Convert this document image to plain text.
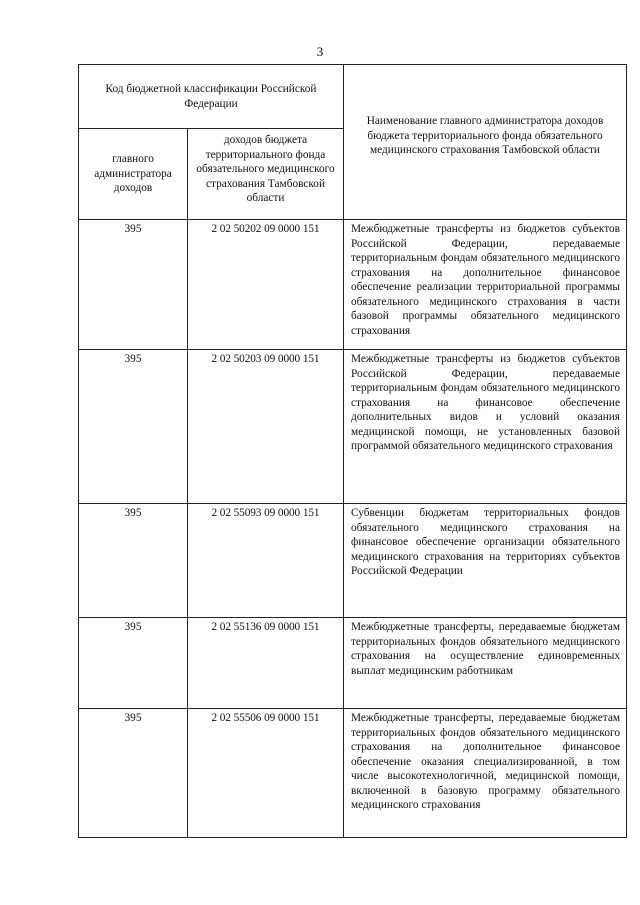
3
Код бюджетной классификации Российской Федерации		Наименование главного администратора доходов бюджета территориального фонда обязательного медицинского страхования Тамбовской области
главного администратора доходов	доходов бюджета территориального фонда обязательного медицинского страхования Тамбовской области	
395	2 02 50202 09 0000 151	Межбюджетные трансферты из бюджетов субъектов Российской Федерации, передаваемые территориальным фондам обязательного медицинского страхования на дополнительное финансовое обеспечение реализации территориальной программы обязательного медицинского страхования в части базовой программы обязательного медицинского страхования
395	2 02 50203 09 0000 151	Межбюджетные трансферты из бюджетов субъектов Российской Федерации, передаваемые территориальным фондам обязательного медицинского страхования на финансовое обеспечение дополнительных видов и условий оказания медицинской помощи, не установленных базовой программой обязательного медицинского страхования
395	2 02 55093 09 0000 151	Субвенции бюджетам территориальных фондов обязательного медицинского страхования на финансовое обеспечение организации обязательного медицинского страхования на территориях субъектов Российской Федерации
395	2 02 55136 09 0000 151	Межбюджетные трансферты, передаваемые бюджетам территориальных фондов обязательного медицинского страхования на осуществление единовременных выплат медицинским работникам
395	2 02 55506 09 0000 151	Межбюджетные трансферты, передаваемые бюджетам территориальных фондов обязательного медицинского страхования на дополнительное финансовое обеспечение оказания специализированной, в том числе высокотехнологичной, медицинской помощи, включенной в базовую программу обязательного медицинского страхования
